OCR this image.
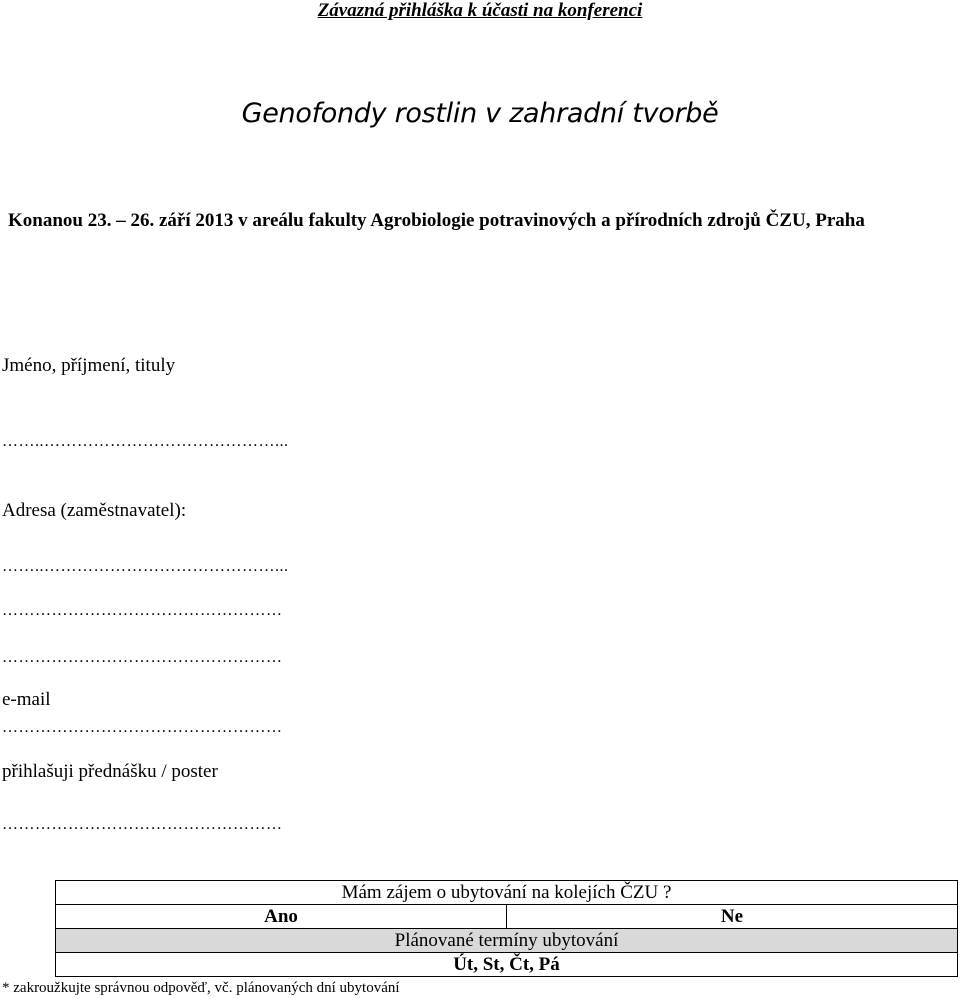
Závazná přihláška k účasti na konferenci
Genofondy rostlin v zahradní tvorbě
Konanou 23. – 26. září 2013 v areálu fakulty Agrobiologie potravinových a přírodních zdrojů ČZU, Praha
Jméno, příjmení, tituly
……..……………………………………...
Adresa (zaměstnavatel):
……..……………………………………...
……………………………………………
……………………………………………
e-mail
……………………………………………
přihlašuji přednášku / poster
……………………………………………
Mám zájem o ubytování na kolejích ČZU ?
Ano	Ne
Plánované termíny ubytování
Út, St, Čt, Pá
* zakroužkujte správnou odpověď, vč. plánovaných dní ubytování
